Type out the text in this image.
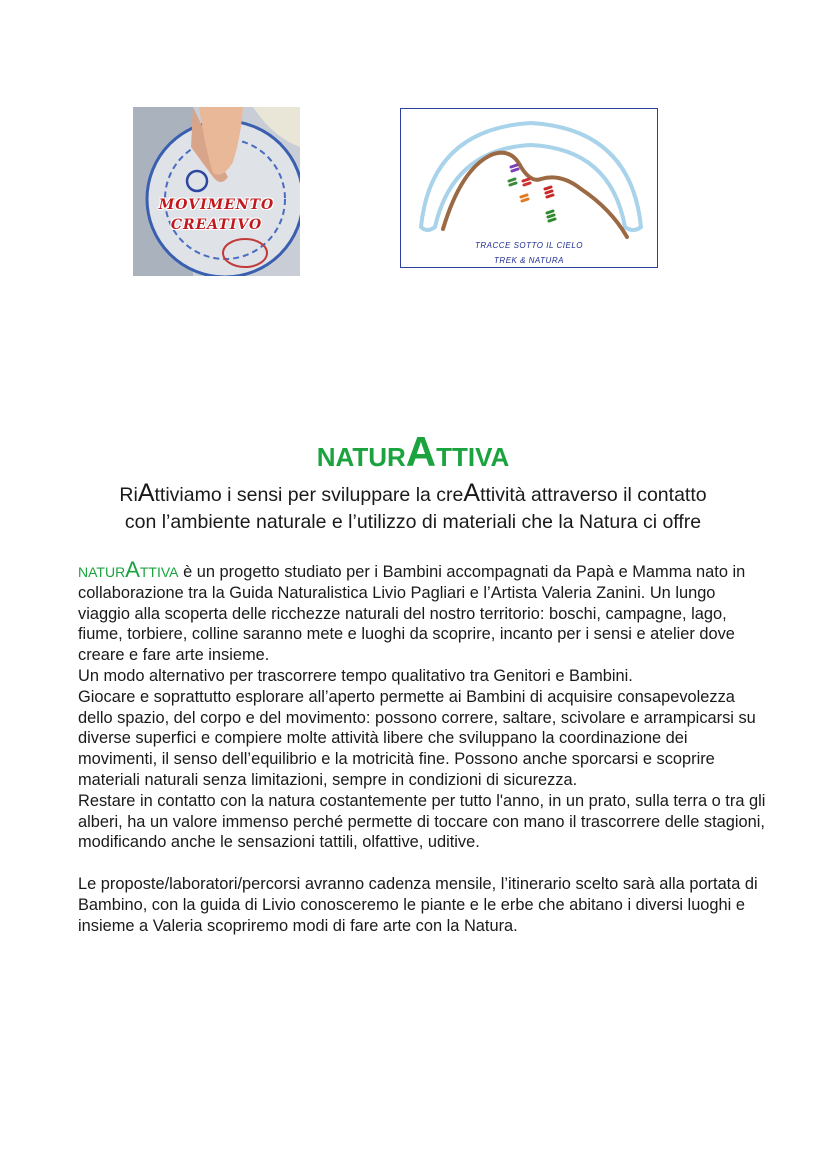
MOVIMENTO
CREATIVO
TRACCE SOTTO IL CIELO
TREK & NATURA
NATURATTIVA
RiAttiviamo i sensi per sviluppare la creAttività attraverso il contatto
con l’ambiente naturale e l’utilizzo di materiali che la Natura ci offre

NATURATTIVA è un progetto studiato per i Bambini accompagnati da Papà e Mamma nato in collaborazione tra la Guida Naturalistica Livio Pagliari e l’Artista Valeria Zanini. Un lungo viaggio alla scoperta delle ricchezze naturali del nostro territorio: boschi, campagne, lago, fiume, torbiere, colline saranno mete e luoghi da scoprire, incanto per i sensi e atelier dove creare e fare arte insieme.

Un modo alternativo per trascorrere tempo qualitativo tra Genitori e Bambini.

Giocare e soprattutto esplorare all’aperto permette ai Bambini di acquisire consapevolezza dello spazio, del corpo e del movimento: possono correre, saltare, scivolare e arrampicarsi su diverse superfici e compiere molte attività libere che sviluppano la coordinazione dei movimenti, il senso dell’equilibrio e la motricità fine. Possono anche sporcarsi e scoprire materiali naturali senza limitazioni, sempre in condizioni di sicurezza.

Restare in contatto con la natura costantemente per tutto l'anno, in un prato, sulla terra o tra gli alberi, ha un valore immenso perché permette di toccare con mano il trascorrere delle stagioni, modificando anche le sensazioni tattili, olfattive, uditive.

Le proposte/laboratori/percorsi avranno cadenza mensile, l’itinerario scelto sarà alla portata di Bambino, con la guida di Livio conosceremo le piante e le erbe che abitano i diversi luoghi e insieme a Valeria scopriremo modi di fare arte con la Natura.
